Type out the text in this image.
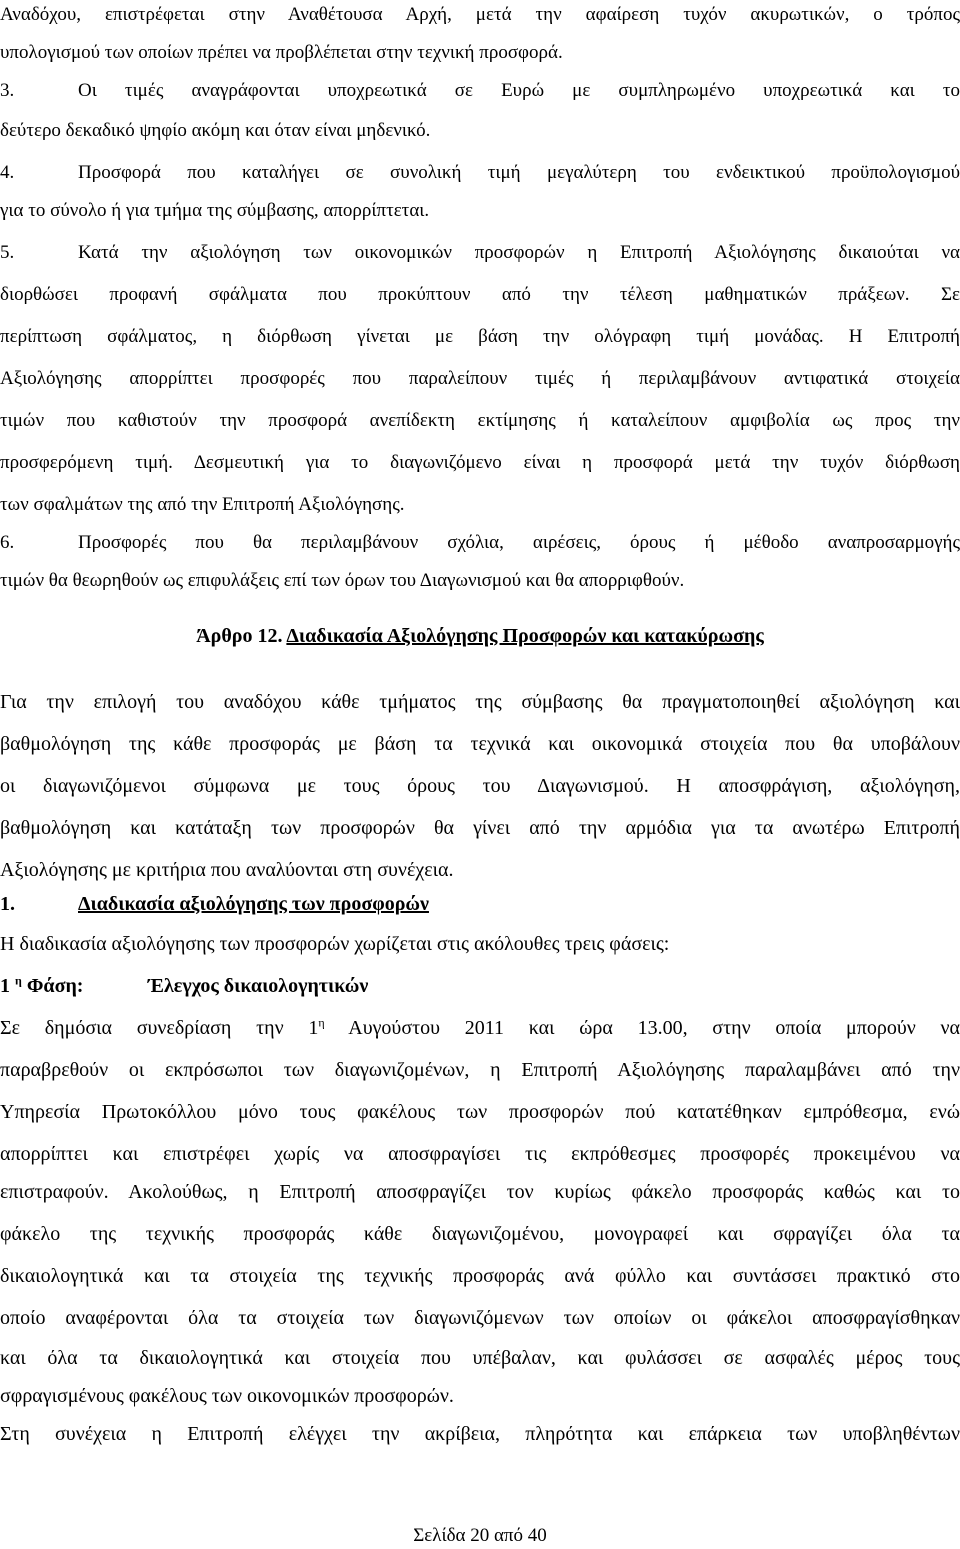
Αναδόχου, επιστρέφεται στην Αναθέτουσα Αρχή, μετά την αφαίρεση τυχόν ακυρωτικών, ο τρόπος
υπολογισμού των οποίων πρέπει να προβλέπεται στην τεχνική προσφορά.
3.	Οι τιμές αναγράφονται υποχρεωτικά σε Ευρώ με συμπληρωμένο υποχρεωτικά και το
δεύτερο δεκαδικό ψηφίο ακόμη και όταν είναι μηδενικό.
4.	Προσφορά που καταλήγει σε συνολική τιμή μεγαλύτερη του ενδεικτικού προϋπολογισμού
για το σύνολο ή για τμήμα της σύμβασης, απορρίπτεται.
5.	Κατά την αξιολόγηση των οικονομικών προσφορών η Επιτροπή Αξιολόγησης δικαιούται να
διορθώσει προφανή σφάλματα που προκύπτουν από την τέλεση μαθηματικών πράξεων. Σε
περίπτωση σφάλματος, η διόρθωση γίνεται με βάση την ολόγραφη τιμή μονάδας. Η Επιτροπή
Αξιολόγησης απορρίπτει προσφορές που παραλείπουν τιμές ή περιλαμβάνουν αντιφατικά στοιχεία
τιμών που καθιστούν την προσφορά ανεπίδεκτη εκτίμησης ή καταλείπουν αμφιβολία ως προς την
προσφερόμενη τιμή. Δεσμευτική για το διαγωνιζόμενο είναι η προσφορά μετά την τυχόν διόρθωση
των σφαλμάτων της από την Επιτροπή Αξιολόγησης.
6.	Προσφορές που θα περιλαμβάνουν σχόλια, αιρέσεις, όρους ή μέθοδο αναπροσαρμογής
τιμών θα θεωρηθούν ως επιφυλάξεις επί των όρων του Διαγωνισμού και θα απορριφθούν.
Άρθρο 12. Διαδικασία Αξιολόγησης Προσφορών και κατακύρωσης
Για την επιλογή του αναδόχου κάθε τμήματος της σύμβασης θα πραγματοποιηθεί αξιολόγηση και
βαθμολόγηση της κάθε προσφοράς με βάση τα τεχνικά και οικονομικά στοιχεία που θα υποβάλουν
οι διαγωνιζόμενοι σύμφωνα με τους όρους του Διαγωνισμού. Η αποσφράγιση, αξιολόγηση,
βαθμολόγηση και κατάταξη των προσφορών θα γίνει από την αρμόδια για τα ανωτέρω Επιτροπή
Αξιολόγησης με κριτήρια που αναλύονται στη συνέχεια.
1.	Διαδικασία αξιολόγησης των προσφορών
Η διαδικασία αξιολόγησης των προσφορών χωρίζεται στις ακόλουθες τρεις φάσεις:
1 $^\eta$ Φάση:	Έλεγχος δικαιολογητικών
Σε δημόσια συνεδρίαση την $1^\eta$ Αυγούστου 2011 και ώρα 13.00, στην οποία μπορούν να
παραβρεθούν οι εκπρόσωποι των διαγωνιζομένων, η Επιτροπή Αξιολόγησης παραλαμβάνει από την
Υπηρεσία Πρωτοκόλλου μόνο τους φακέλους των προσφορών πού κατατέθηκαν εμπρόθεσμα, ενώ
απορρίπτει και επιστρέφει χωρίς να αποσφραγίσει τις εκπρόθεσμες προσφορές προκειμένου να
επιστραφούν. Ακολούθως, η Επιτροπή αποσφραγίζει τον κυρίως φάκελο προσφοράς καθώς και το
φάκελο της τεχνικής προσφοράς κάθε διαγωνιζομένου, μονογραφεί και σφραγίζει όλα τα
δικαιολογητικά και τα στοιχεία της τεχνικής προσφοράς ανά φύλλο και συντάσσει πρακτικό στο
οποίο αναφέρονται όλα τα στοιχεία των διαγωνιζόμενων των οποίων οι φάκελοι αποσφραγίσθηκαν
και όλα τα δικαιολογητικά και στοιχεία που υπέβαλαν, και φυλάσσει σε ασφαλές μέρος τους
σφραγισμένους φακέλους των οικονομικών προσφορών.
Στη συνέχεια η Επιτροπή ελέγχει την ακρίβεια, πληρότητα και επάρκεια των υποβληθέντων
Σελίδα 20 από 40
